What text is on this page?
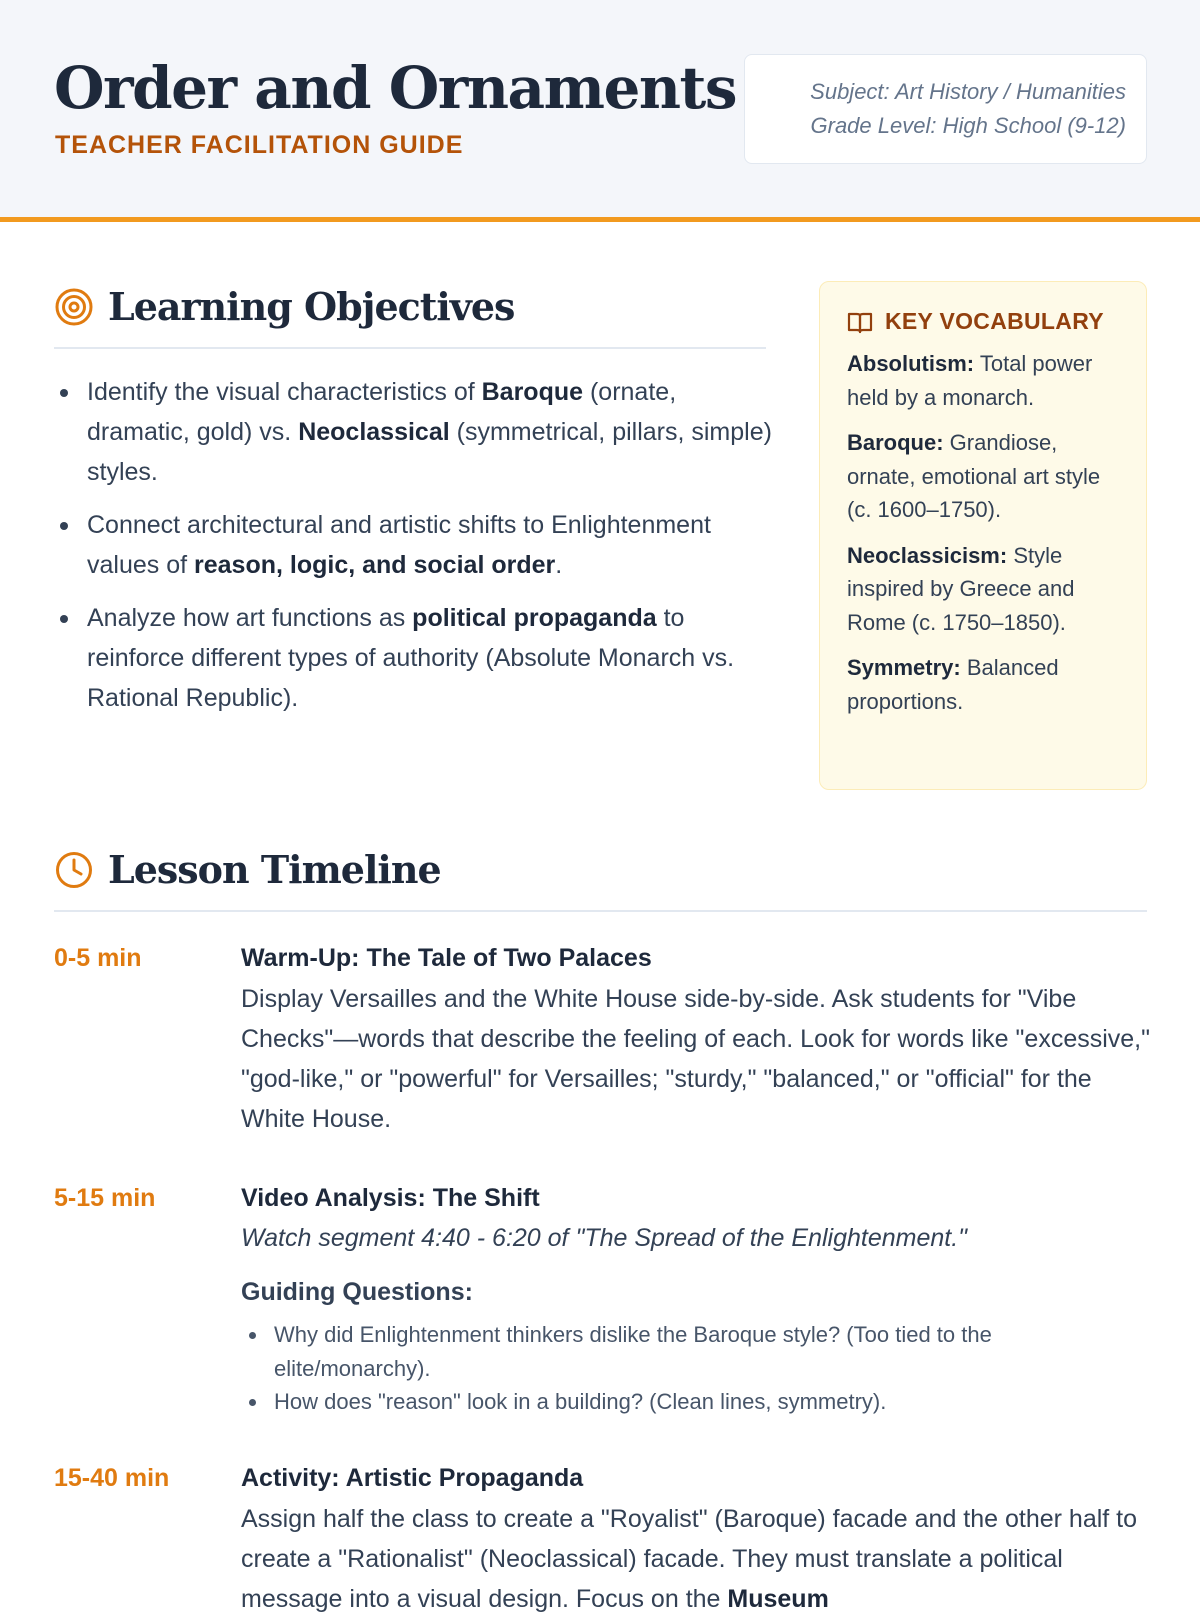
Order and Ornaments
TEACHER FACILITATION GUIDE
Subject: Art History / Humanities
Grade Level: High School (9-12)
Learning Objectives
Identify the visual characteristics of Baroque (ornate, dramatic, gold) vs. Neoclassical (symmetrical, pillars, simple) styles.
Connect architectural and artistic shifts to Enlightenment values of reason, logic, and social order.
Analyze how art functions as political propaganda to reinforce different types of authority (Absolute Monarch vs. Rational Republic).
KEY VOCABULARY
Absolutism: Total power held by a monarch.
Baroque: Grandiose, ornate, emotional art style (c. 1600–1750).
Neoclassicism: Style inspired by Greece and Rome (c. 1750–1850).
Symmetry: Balanced proportions.
Lesson Timeline
0-5 min	Warm-Up: The Tale of Two Palaces
Display Versailles and the White House side-by-side. Ask students for "Vibe Checks"—words that describe the feeling of each. Look for words like "excessive," "god-like," or "powerful" for Versailles; "sturdy," "balanced," or "official" for the White House.
5-15 min	Video Analysis: The Shift
Watch segment 4:40 - 6:20 of "The Spread of the Enlightenment."
Guiding Questions:
Why did Enlightenment thinkers dislike the Baroque style? (Too tied to the elite/monarchy).
How does "reason" look in a building? (Clean lines, symmetry).
15-40 min	Activity: Artistic Propaganda
Assign half the class to create a "Royalist" (Baroque) facade and the other half to create a "Rationalist" (Neoclassical) facade. They must translate a political message into a visual design. Focus on the Museum
